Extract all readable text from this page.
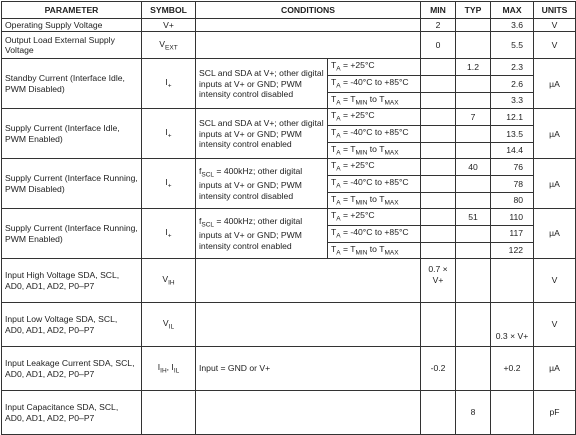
PARAMETER	SYMBOL	CONDITIONS		MIN	TYP	MAX	UNITS
Operating Supply Voltage	V+			2		3.6	V
Output Load External Supply Voltage	$V_{EXT}$			0		5.5	V
Standby Current (Interface Idle, PWM Disabled)	$I_+$	SCL and SDA at V+; other digital inputs at V+ or GND; PWM intensity control disabled	$T_A = +25^\circ C$		1.2	2.3	µA
			$T_A = -40^\circ C$ to +85°C			2.6	
			$T_A = T_{MIN}$ to $T_{MAX}$			3.3	
Supply Current (Interface Idle, PWM Enabled)	$I_+$	SCL and SDA at V+; other digital inputs at V+ or GND; PWM intensity control enabled	$T_A = +25^\circ C$		7	12.1	µA
			$T_A = -40^\circ C$ to +85°C			13.5	
			$T_A = T_{MIN}$ to $T_{MAX}$			14.4	
Supply Current (Interface Running, PWM Disabled)	$I_+$	$f_{SCL} = 400kHz$; other digital inputs at V+ or GND; PWM intensity control disabled	$T_A = +25^\circ C$		40	76	µA
			$T_A = -40^\circ C$ to +85°C			78	
			$T_A = T_{MIN}$ to $T_{MAX}$			80	
Supply Current (Interface Running, PWM Enabled)	$I_+$	$f_{SCL} = 400kHz$; other digital inputs at V+ or GND; PWM intensity control enabled	$T_A = +25^\circ C$		51	110	µA
			$T_A = -40^\circ C$ to +85°C			117	
			$T_A = T_{MIN}$ to $T_{MAX}$			122	
Input High Voltage SDA, SCL, AD0, AD1, AD2, P0–P7	$V_{IH}$			0.7 × V+			V
Input Low Voltage SDA, SCL, AD0, AD1, AD2, P0–P7	$V_{IL}$					0.3 × V+	V
Input Leakage Current SDA, SCL, AD0, AD1, AD2, P0–P7	$I_{IH}$, $I_{IL}$	Input = GND or V+		-0.2		+0.2	µA
Input Capacitance SDA, SCL, AD0, AD1, AD2, P0–P7					8		pF
